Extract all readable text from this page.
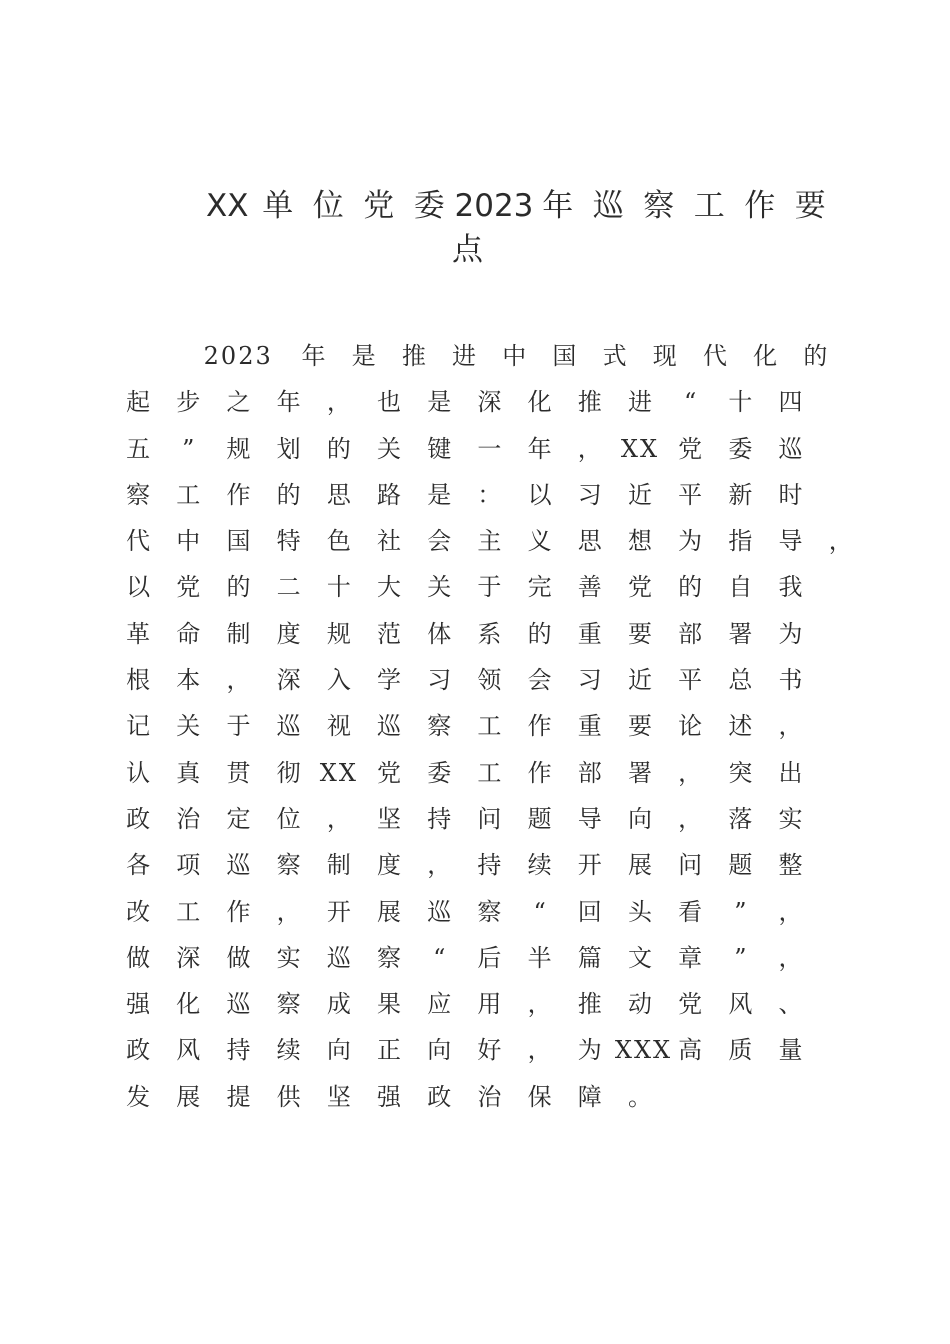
XX 单 位 党 委 2023 年 巡 察 工 作 要
点
2023	年	是	推	进	中	国	式	现	代	化	的
起	步	之	年	，	也	是	深	化	推	进	“	十	四
五	”	规	划	的	关	键	一	年	， XX 党	委	巡
察	工	作	的	思	路	是	：	以	习	近	平	新	时
代	中	国	特	色	社	会	主	义	思	想	为	指	导	，
以	党	的	二	十	大	关	于	完	善	党	的	自	我
革	命	制	度	规	范	体	系	的	重	要	部	署	为
根	本	，	深	入	学	习	领	会	习	近	平	总	书
记	关	于	巡	视	巡	察	工	作	重	要	论	述	，
认	真	贯	彻 XX 党	委	工	作	部	署	，	突	出
政	治	定	位	，	坚	持	问	题	导	向	，	落	实
各	项	巡	察	制	度	，	持	续	开	展	问	题	整
改	工	作	，	开	展	巡	察	“	回	头	看	”	，
做	深	做	实	巡	察	“	后	半	篇	文	章	”	，
强	化	巡	察	成	果	应	用	，	推	动	党	风	、
政	风	持	续	向	正	向	好	，	为 XXX 高	质	量
发	展	提	供	坚	强	政	治	保	障	。
